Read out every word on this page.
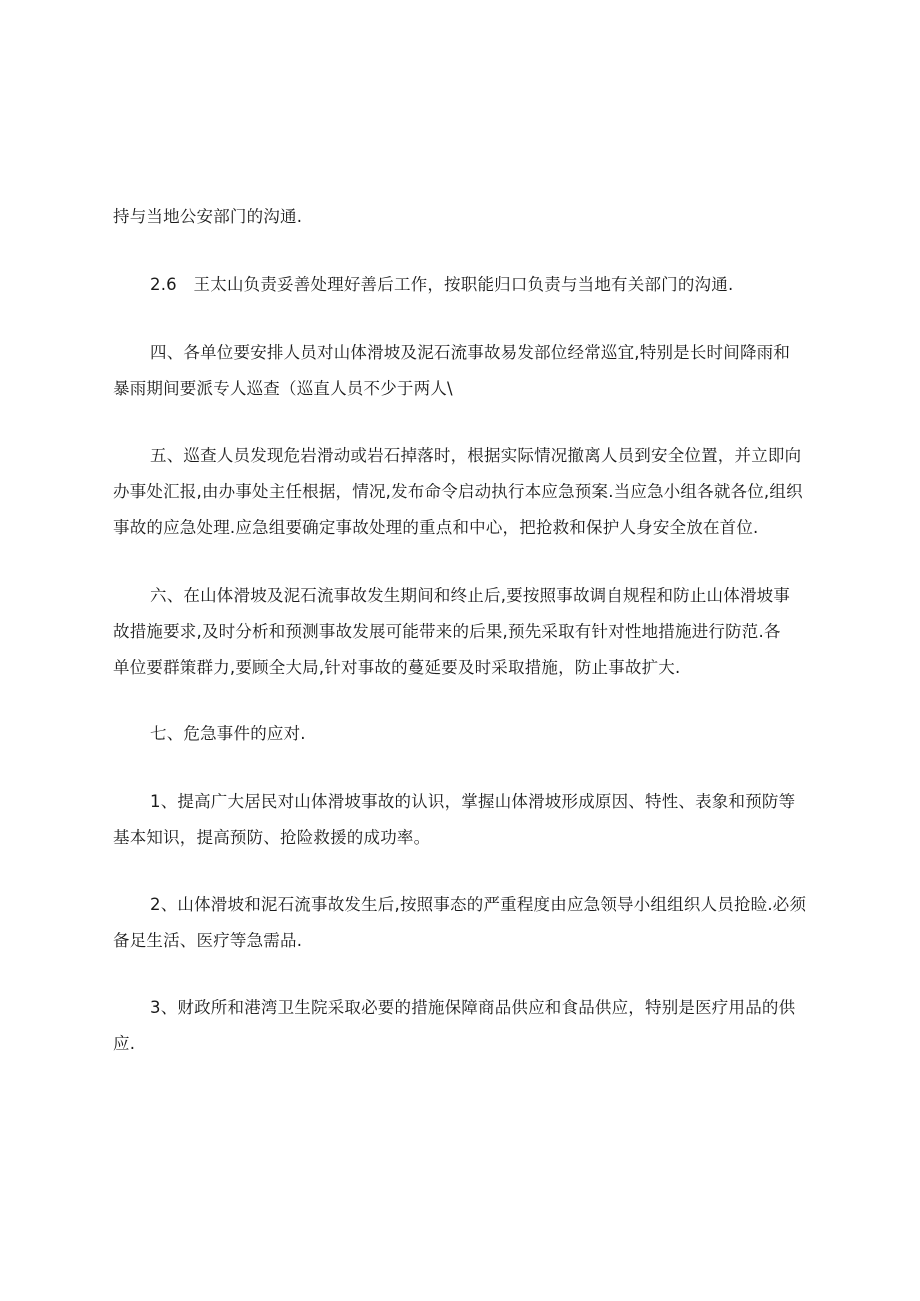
持与当地公安部门的沟通.
2.6　王太山负责妥善处理好善后工作，按职能归口负责与当地有关部门的沟通.
四、各单位要安排人员对山体滑坡及泥石流事故易发部位经常巡宜,特别是长时间降雨和
暴雨期间要派专人巡查（巡直人员不少于两人\
五、巡查人员发现危岩滑动或岩石掉落时，根据实际情况撤离人员到安全位置，并立即向
办事处汇报,由办事处主任根据，情况,发布命令启动执行本应急预案.当应急小组各就各位,组织
事故的应急处理.应急组要确定事故处理的重点和中心，把抢救和保护人身安全放在首位.
六、在山体滑坡及泥石流事故发生期间和终止后,要按照事故调自规程和防止山体滑坡事
故措施要求,及时分析和预测事故发展可能带来的后果,预先采取有针对性地措施进行防范.各
单位要群策群力,要顾全大局,针对事故的蔓延要及时采取措施，防止事故扩大.
七、危急事件的应对.
1、提高广大居民对山体滑坡事故的认识，掌握山体滑坡形成原因、特性、表象和预防等
基本知识，提高预防、抢险救援的成功率。
2、山体滑坡和泥石流事故发生后,按照事态的严重程度由应急领导小组组织人员抢睑.必须
备足生活、医疗等急需品.
3、财政所和港湾卫生院采取必要的措施保障商品供应和食品供应，特别是医疗用品的供
应.
